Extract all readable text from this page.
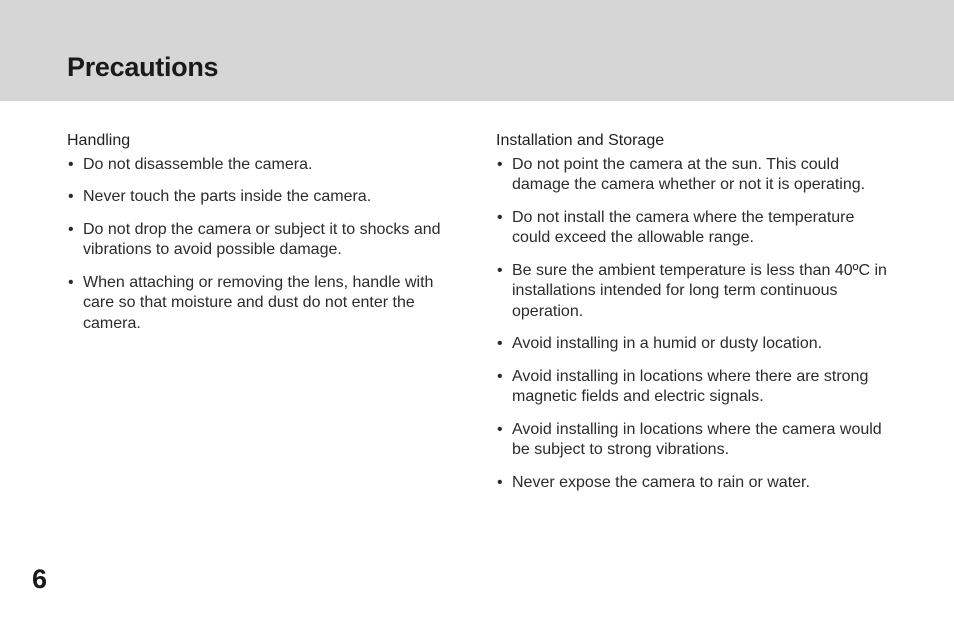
Precautions
Handling
• Do not disassemble the camera.
• Never touch the parts inside the camera.
• Do not drop the camera or subject it to shocks and vibrations to avoid possible damage.
• When attaching or removing the lens, handle with care so that moisture and dust do not enter the camera.
Installation and Storage
• Do not point the camera at the sun. This could damage the camera whether or not it is operating.
• Do not install the camera where the temperature could exceed the allowable range.
• Be sure the ambient temperature is less than 40ºC in installations intended for long term continuous operation.
• Avoid installing in a humid or dusty location.
• Avoid installing in locations where there are strong magnetic fields and electric signals.
• Avoid installing in locations where the camera would be subject to strong vibrations.
• Never expose the camera to rain or water.
6
